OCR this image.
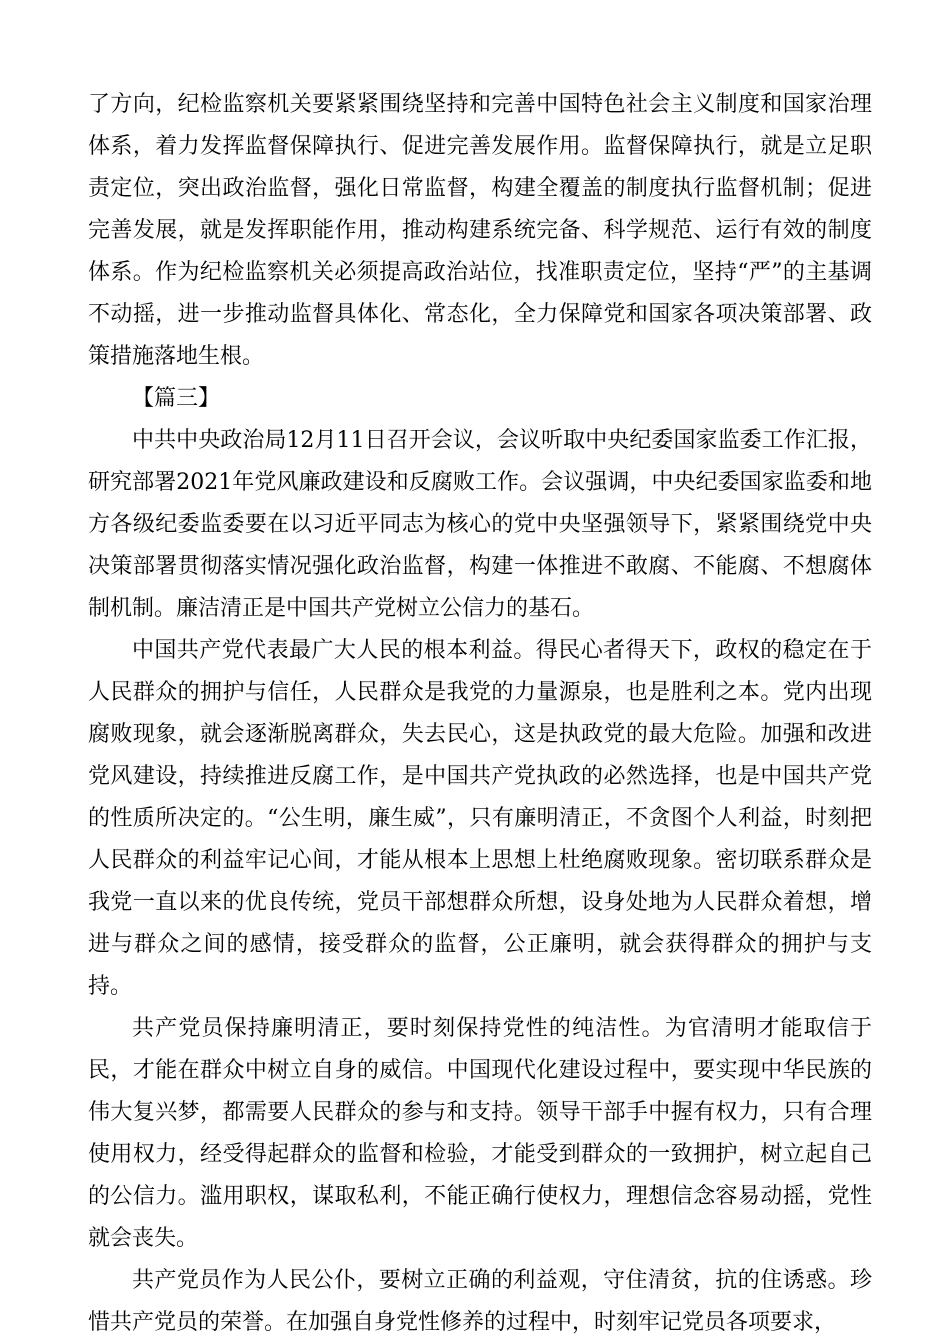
了方向，纪检监察机关要紧紧围绕坚持和完善中国特色社会主义制度和国家治理体系，着力发挥监督保障执行、促进完善发展作用。监督保障执行，就是立足职责定位，突出政治监督，强化日常监督，构建全覆盖的制度执行监督机制；促进完善发展，就是发挥职能作用，推动构建系统完备、科学规范、运行有效的制度体系。作为纪检监察机关必须提高政治站位，找准职责定位，坚持“严”的主基调不动摇，进一步推动监督具体化、常态化，全力保障党和国家各项决策部署、政策措施落地生根。

【篇三】

中共中央政治局12月11日召开会议，会议听取中央纪委国家监委工作汇报，研究部署2021年党风廉政建设和反腐败工作。会议强调，中央纪委国家监委和地方各级纪委监委要在以习近平同志为核心的党中央坚强领导下，紧紧围绕党中央决策部署贯彻落实情况强化政治监督，构建一体推进不敢腐、不能腐、不想腐体制机制。廉洁清正是中国共产党树立公信力的基石。

中国共产党代表最广大人民的根本利益。得民心者得天下，政权的稳定在于人民群众的拥护与信任，人民群众是我党的力量源泉，也是胜利之本。党内出现腐败现象，就会逐渐脱离群众，失去民心，这是执政党的最大危险。加强和改进党风建设，持续推进反腐工作，是中国共产党执政的必然选择，也是中国共产党的性质所决定的。“公生明，廉生威”，只有廉明清正，不贪图个人利益，时刻把人民群众的利益牢记心间，才能从根本上思想上杜绝腐败现象。密切联系群众是我党一直以来的优良传统，党员干部想群众所想，设身处地为人民群众着想，增进与群众之间的感情，接受群众的监督，公正廉明，就会获得群众的拥护与支持。

共产党员保持廉明清正，要时刻保持党性的纯洁性。为官清明才能取信于民，才能在群众中树立自身的威信。中国现代化建设过程中，要实现中华民族的伟大复兴梦，都需要人民群众的参与和支持。领导干部手中握有权力，只有合理使用权力，经受得起群众的监督和检验，才能受到群众的一致拥护，树立起自己的公信力。滥用职权，谋取私利，不能正确行使权力，理想信念容易动摇，党性就会丧失。

共产党员作为人民公仆，要树立正确的利益观，守住清贫，抗的住诱惑。珍惜共产党员的荣誉。在加强自身党性修养的过程中，时刻牢记党员各项要求，
